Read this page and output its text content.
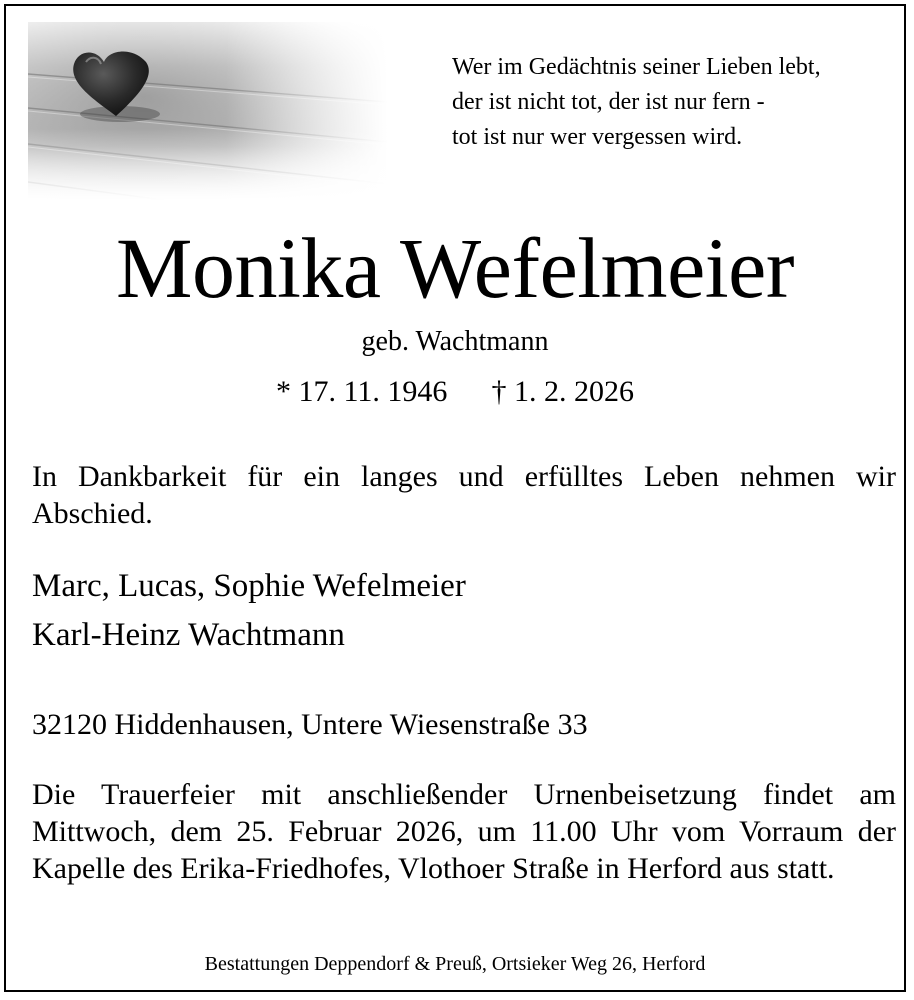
Wer im Gedächtnis seiner Lieben lebt,
der ist nicht tot, der ist nur fern -
tot ist nur wer vergessen wird.
Monika Wefelmeier
geb. Wachtmann
* 17. 11. 1946 † 1. 2. 2026
In Dankbarkeit für ein langes und erfülltes Leben nehmen wir Abschied.
Marc, Lucas, Sophie Wefelmeier
Karl-Heinz Wachtmann
32120 Hiddenhausen, Untere Wiesenstraße 33
Die Trauerfeier mit anschließender Urnenbeisetzung findet am Mittwoch, dem 25. Februar 2026, um 11.00 Uhr vom Vorraum der Kapelle des Erika-Friedhofes, Vlothoer Straße in Herford aus statt.
Bestattungen Deppendorf & Preuß, Ortsieker Weg 26, Herford
